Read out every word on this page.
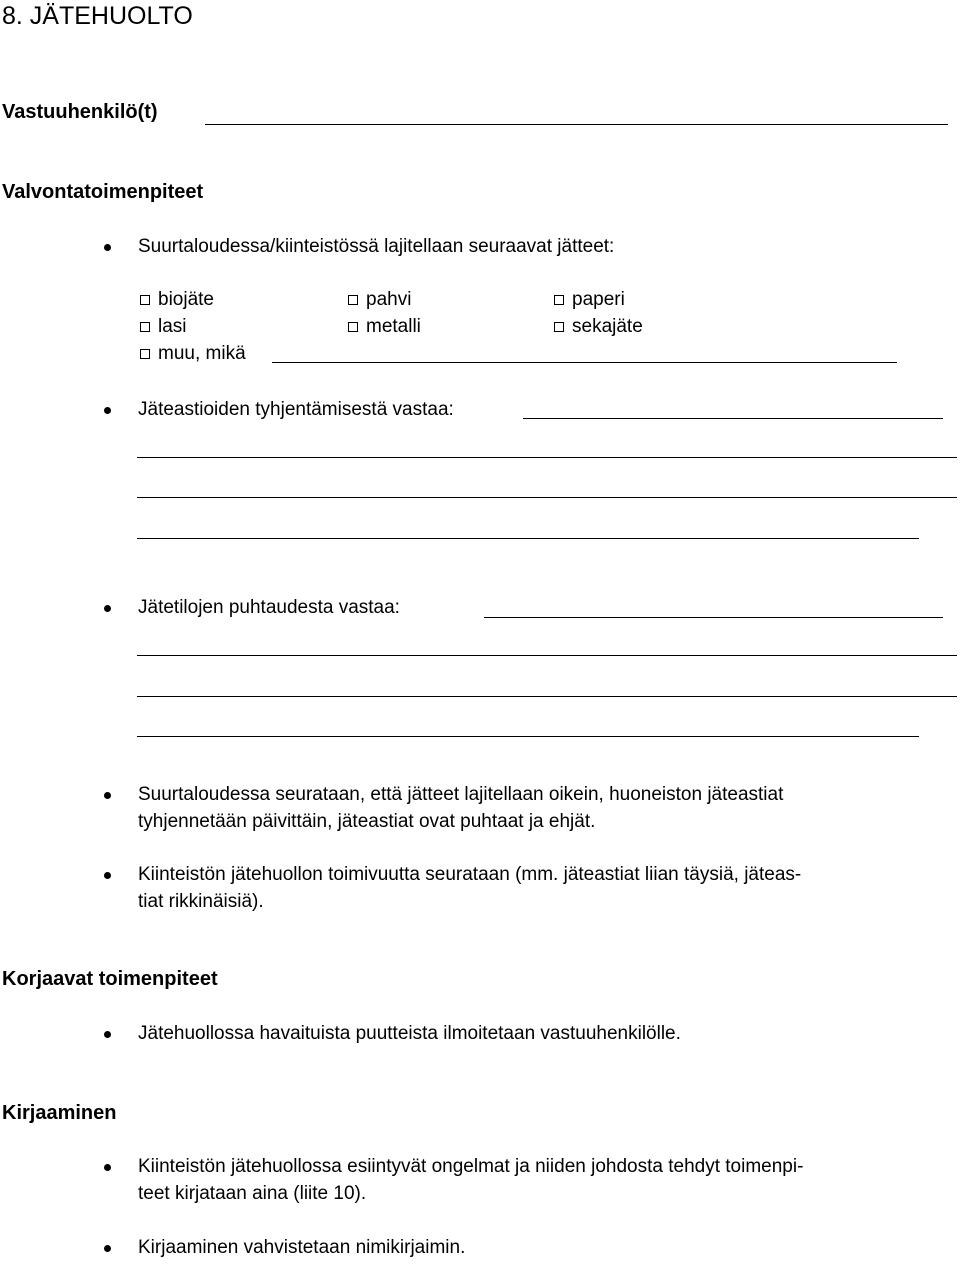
8. JÄTEHUOLTO
Vastuuhenkilö(t)
Valvontatoimenpiteet
Suurtaloudessa/kiinteistössä lajitellaan seuraavat jätteet:
biojäte	pahvi	paperi
lasi	metalli	sekajäte
muu, mikä
Jäteastioiden tyhjentämisestä vastaa:
Jätetilojen puhtaudesta vastaa:
Suurtaloudessa seurataan, että jätteet lajitellaan oikein, huoneiston jäteastiat
tyhjennetään päivittäin, jäteastiat ovat puhtaat ja ehjät.
Kiinteistön jätehuollon toimivuutta seurataan (mm. jäteastiat liian täysiä, jäteas-
tiat rikkinäisiä).
Korjaavat toimenpiteet
Jätehuollossa havaituista puutteista ilmoitetaan vastuuhenkilölle.
Kirjaaminen
Kiinteistön jätehuollossa esiintyvät ongelmat ja niiden johdosta tehdyt toimenpi-
teet kirjataan aina (liite 10).
Kirjaaminen vahvistetaan nimikirjaimin.
